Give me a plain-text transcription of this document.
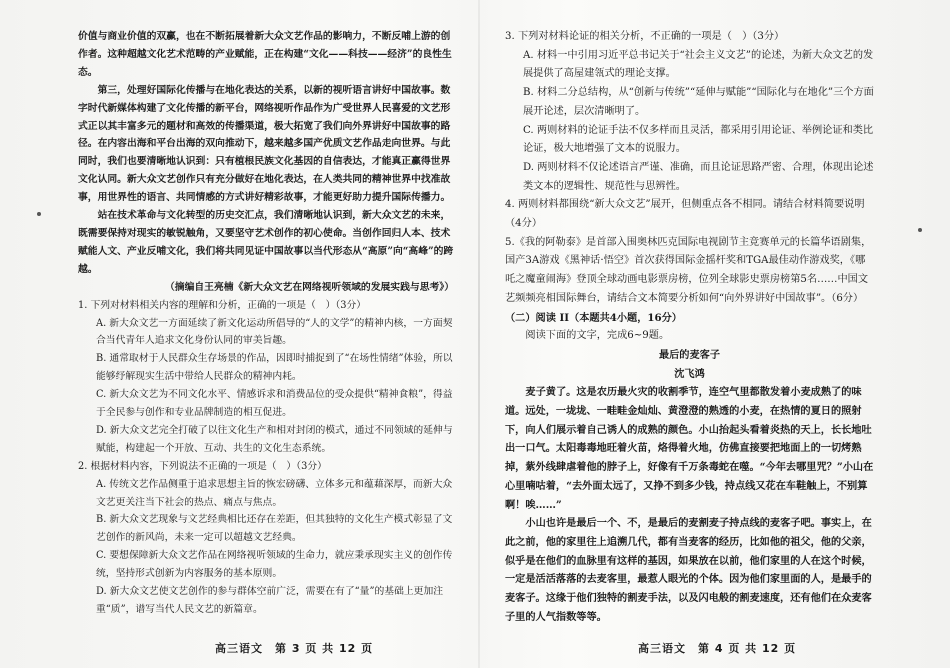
价值与商业价值的双赢，也在不断拓展着新大众文艺作品的影响力，不断反哺上游的创作者。这种超越文化艺术范畴的产业赋能，正在构建“文化——科技——经济”的良性生态。

第三，处理好国际化传播与在地化表达的关系，以新的视听语言讲好中国故事。数字时代新媒体构建了文化传播的新平台，网络视听作品作为广受世界人民喜爱的文艺形式正以其丰富多元的题材和高效的传播渠道，极大拓宽了我们向外界讲好中国故事的路径。在内容出海和平台出海的双向推动下，越来越多国产优质文艺作品走向世界。与此同时，我们也要清晰地认识到：只有植根民族文化基因的自信表达，才能真正赢得世界文化认同。新大众文艺创作只有充分做好在地化表达，在人类共同的精神世界中找准故事，用世界性的语言、共同情感的方式讲好精彩故事，才能更好助力提升国际传播力。

站在技术革命与文化转型的历史交汇点，我们清晰地认识到，新大众文艺的未来，既需要保持对现实的敏锐触角，又要坚守艺术创作的初心使命。当创作回归人本、技术赋能人文、产业反哺文化，我们将共同见证中国故事以当代形态从“高原”向“高峰”的跨越。

（摘编自王亮楠《新大众文艺在网络视听领域的发展实践与思考》）

1. 下列对材料相关内容的理解和分析，正确的一项是（　）（3分）

A. 新大众文艺一方面延续了新文化运动所倡导的“人的文学”的精神内核，一方面契合当代青年人追求文化身份认同的审美旨趣。

B. 通常取材于人民群众生存场景的作品，因即时捕捉到了“在场性情绪”体验，所以能够纾解现实生活中带给人民群众的精神内耗。

C. 新大众文艺为不同文化水平、情感诉求和消费品位的受众提供“精神食粮”，得益于全民参与创作和专业品牌制造的相互促进。

D. 新大众文艺完全打破了以往文化生产和相对封闭的模式，通过不同领域的延伸与赋能，构建起一个开放、互动、共生的文化生态系统。

2. 根据材料内容，下列说法不正确的一项是（　）（3分）

A. 传统文艺作品侧重于追求思想主旨的恢宏磅礴、立体多元和蕴藉深厚，而新大众文艺更关注当下社会的热点、痛点与焦点。

B. 新大众文艺现象与文艺经典相比还存在差距，但其独特的文化生产模式彰显了文艺创作的新风尚，未来一定可以超越文艺经典。

C. 要想保障新大众文艺作品在网络视听领域的生命力，就应秉承现实主义的创作传统，坚持形式创新为内容服务的基本原则。

D. 新大众文艺使文艺创作的参与群体空前广泛，需要在有了“量”的基础上更加注重“质”，谱写当代人民文艺的新篇章。

高三语文　第 3 页 共 12 页

3. 下列对材料论证的相关分析，不正确的一项是（　）（3分）

A. 材料一中引用习近平总书记关于“社会主义文艺”的论述，为新大众文艺的发展提供了高屋建瓴式的理论支撑。

B. 材料二分总结构，从“创新与传统”“延伸与赋能”“国际化与在地化”三个方面展开论述，层次清晰明了。

C. 两则材料的论证手法不仅多样而且灵活，都采用引用论证、举例论证和类比论证，极大地增强了文本的说服力。

D. 两则材料不仅论述语言严谨、准确，而且论证思路严密、合理，体现出论述类文本的逻辑性、规范性与思辨性。

4. 两则材料都围绕“新大众文艺”展开，但侧重点各不相同。请结合材料简要说明（4分）

5.《我的阿勒泰》是首部入围奥林匹克国际电视剧节主竞赛单元的长篇华语剧集，国产3A游戏《黑神话·悟空》首次获得国际金摇杆奖和TGA最佳动作游戏奖，《哪吒之魔童闹海》登顶全球动画电影票房榜，位列全球影史票房榜第5名……中国文艺频频亮相国际舞台，请结合文本简要分析如何“向外界讲好中国故事”。（6分）

（二）阅读 II（本题共4小题，16分）

阅读下面的文字，完成6~9题。

最后的麦客子

沈飞鸿

麦子黄了。这是农历最火灾的收割季节，连空气里都散发着小麦成熟了的味道。远处，一垅垅、一畦畦金灿灿、黄澄澄的熟透的小麦，在热情的夏日的照射下，向人们展示着自己诱人的成熟的颜色。小山抬起头看着炎热的天上，长长地吐出一口气。太阳毒毒地旺着火苗，烙得着火地，仿佛直接要把地面上的一切烤熟掉，紫外线肆虐着他的脖子上，好像有千万条毒蛇在噬。“今年去哪里咒？”小山在心里喃咕着，“去外面太远了，又挣不到多少钱，持点线又花在车鞋触上，不别算啊！唉……”

小山也许是最后一个、不，是最后的麦割麦子持点线的麦客子吧。事实上，在此之前，他的家里往上追溯几代，都有当麦客的经历，比如他的祖父，他的父亲，似乎是在他们的血脉里有这样的基因，如果放在以前，他们家里的人在这个时候，一定是活活落落的去麦客里，最惹人眼光的个体。因为他们家里面的人，是最手的麦客子。这缘于他们独特的割麦手法，以及闪电般的割麦速度，还有他们在众麦客子里的人气指数等等。

高三语文　第 4 页 共 12 页
